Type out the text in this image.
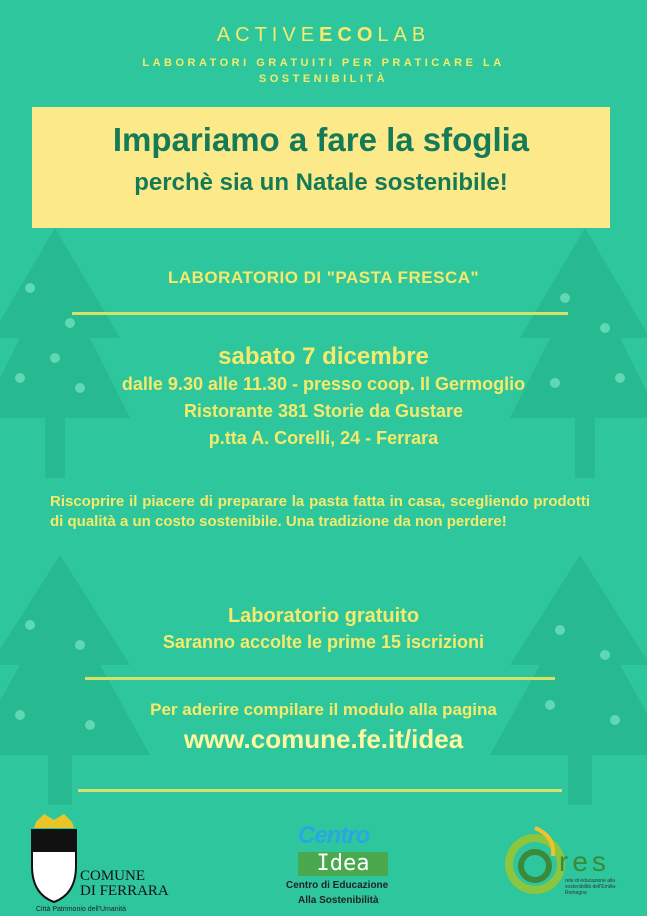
ACTIVEECOLAB
LABORATORI GRATUITI PER PRATICARE LA SOSTENIBILITÀ
Impariamo a fare la sfoglia
perchè sia un Natale sostenibile!
LABORATORIO DI "PASTA FRESCA"
sabato 7 dicembre
dalle 9.30 alle 11.30 - presso coop. Il Germoglio
Ristorante 381 Storie da Gustare
p.tta A. Corelli, 24 - Ferrara
Riscoprire il piacere di preparare la pasta fatta in casa, scegliendo prodotti di qualità a un costo sostenibile. Una tradizione da non perdere!
Laboratorio gratuito
Saranno accolte le prime 15 iscrizioni
Per aderire compilare il modulo alla pagina
www.comune.fe.it/idea
COMUNE
DI FERRARA
Città Patrimonio dell'Umanità
Centro
Idea
Centro di Educazione
Alla Sostenibilità
res
rete di educazione alla sostenibilità dell'Emilia-Romagna
